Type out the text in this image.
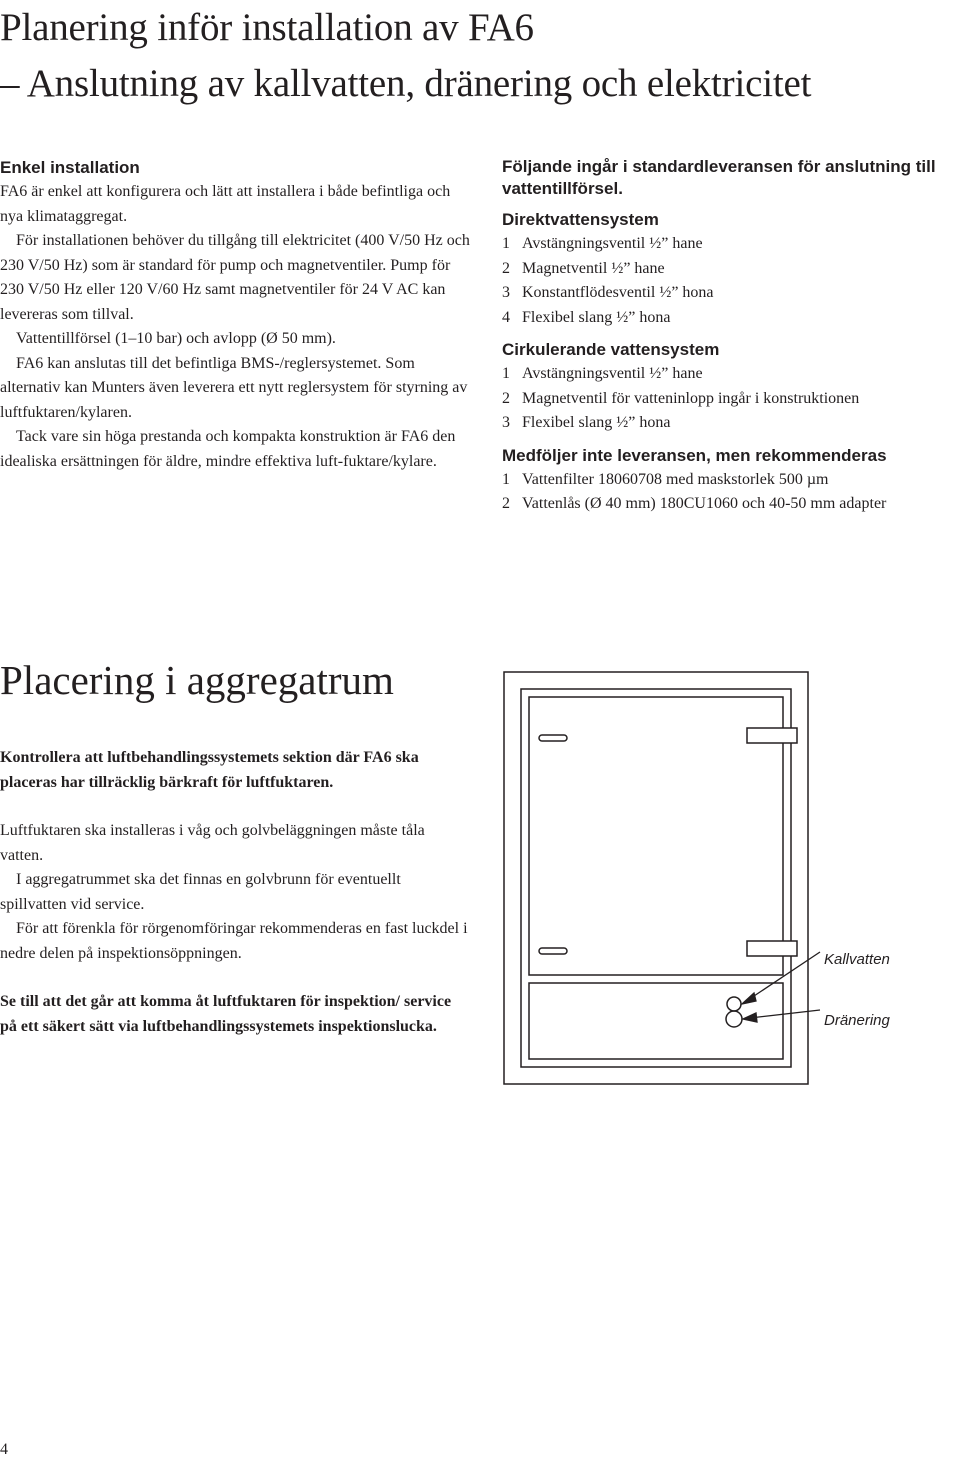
Planering inför installation av FA6
– Anslutning av kallvatten, dränering och elektricitet
Enkel installation

FA6 är enkel att konfigurera och lätt att installera i både befintliga och nya klimataggregat.

För installationen behöver du tillgång till elektricitet (400 V/50 Hz och 230 V/50 Hz) som är standard för pump och magnetventiler. Pump för 230 V/50 Hz eller 120 V/60 Hz samt magnetventiler för 24 V AC kan levereras som tillval.

Vattentillförsel (1–10 bar) och avlopp (Ø 50 mm).

FA6 kan anslutas till det befintliga BMS-/reglersystemet. Som alternativ kan Munters även leverera ett nytt reglersystem för styrning av luftfuktaren/kylaren.

Tack vare sin höga prestanda och kompakta konstruktion är FA6 den idealiska ersättningen för äldre, mindre effektiva luft-fuktare/kylare.

Följande ingår i standardleveransen för anslutning till vattentillförsel.
Direktvattensystem
1 Avstängningsventil ½” hane
2 Magnetventil ½” hane
3 Konstantflödesventil ½” hona
4 Flexibel slang ½” hona
Cirkulerande vattensystem
1 Avstängningsventil ½” hane
2 Magnetventil för vatteninlopp ingår i konstruktionen
3 Flexibel slang ½” hona
Medföljer inte leveransen, men rekommenderas
1 Vattenfilter 18060708 med maskstorlek 500 µm
2 Vattenlås (Ø 40 mm) 180CU1060 och 40-50 mm adapter
Placering i aggregatrum

Kontrollera att luftbehandlingssystemets sektion där FA6 ska placeras har tillräcklig bärkraft för luftfuktaren.

Luftfuktaren ska installeras i våg och golvbeläggningen måste tåla vatten.

I aggregatrummet ska det finnas en golvbrunn för eventuellt spillvatten vid service.

För att förenkla för rörgenomföringar rekommenderas en fast luckdel i nedre delen på inspektionsöppningen.

Se till att det går att komma åt luftfuktaren för inspektion/ service på ett säkert sätt via luftbehandlingssystemets inspektionslucka.

Kallvatten
Dränering
4
